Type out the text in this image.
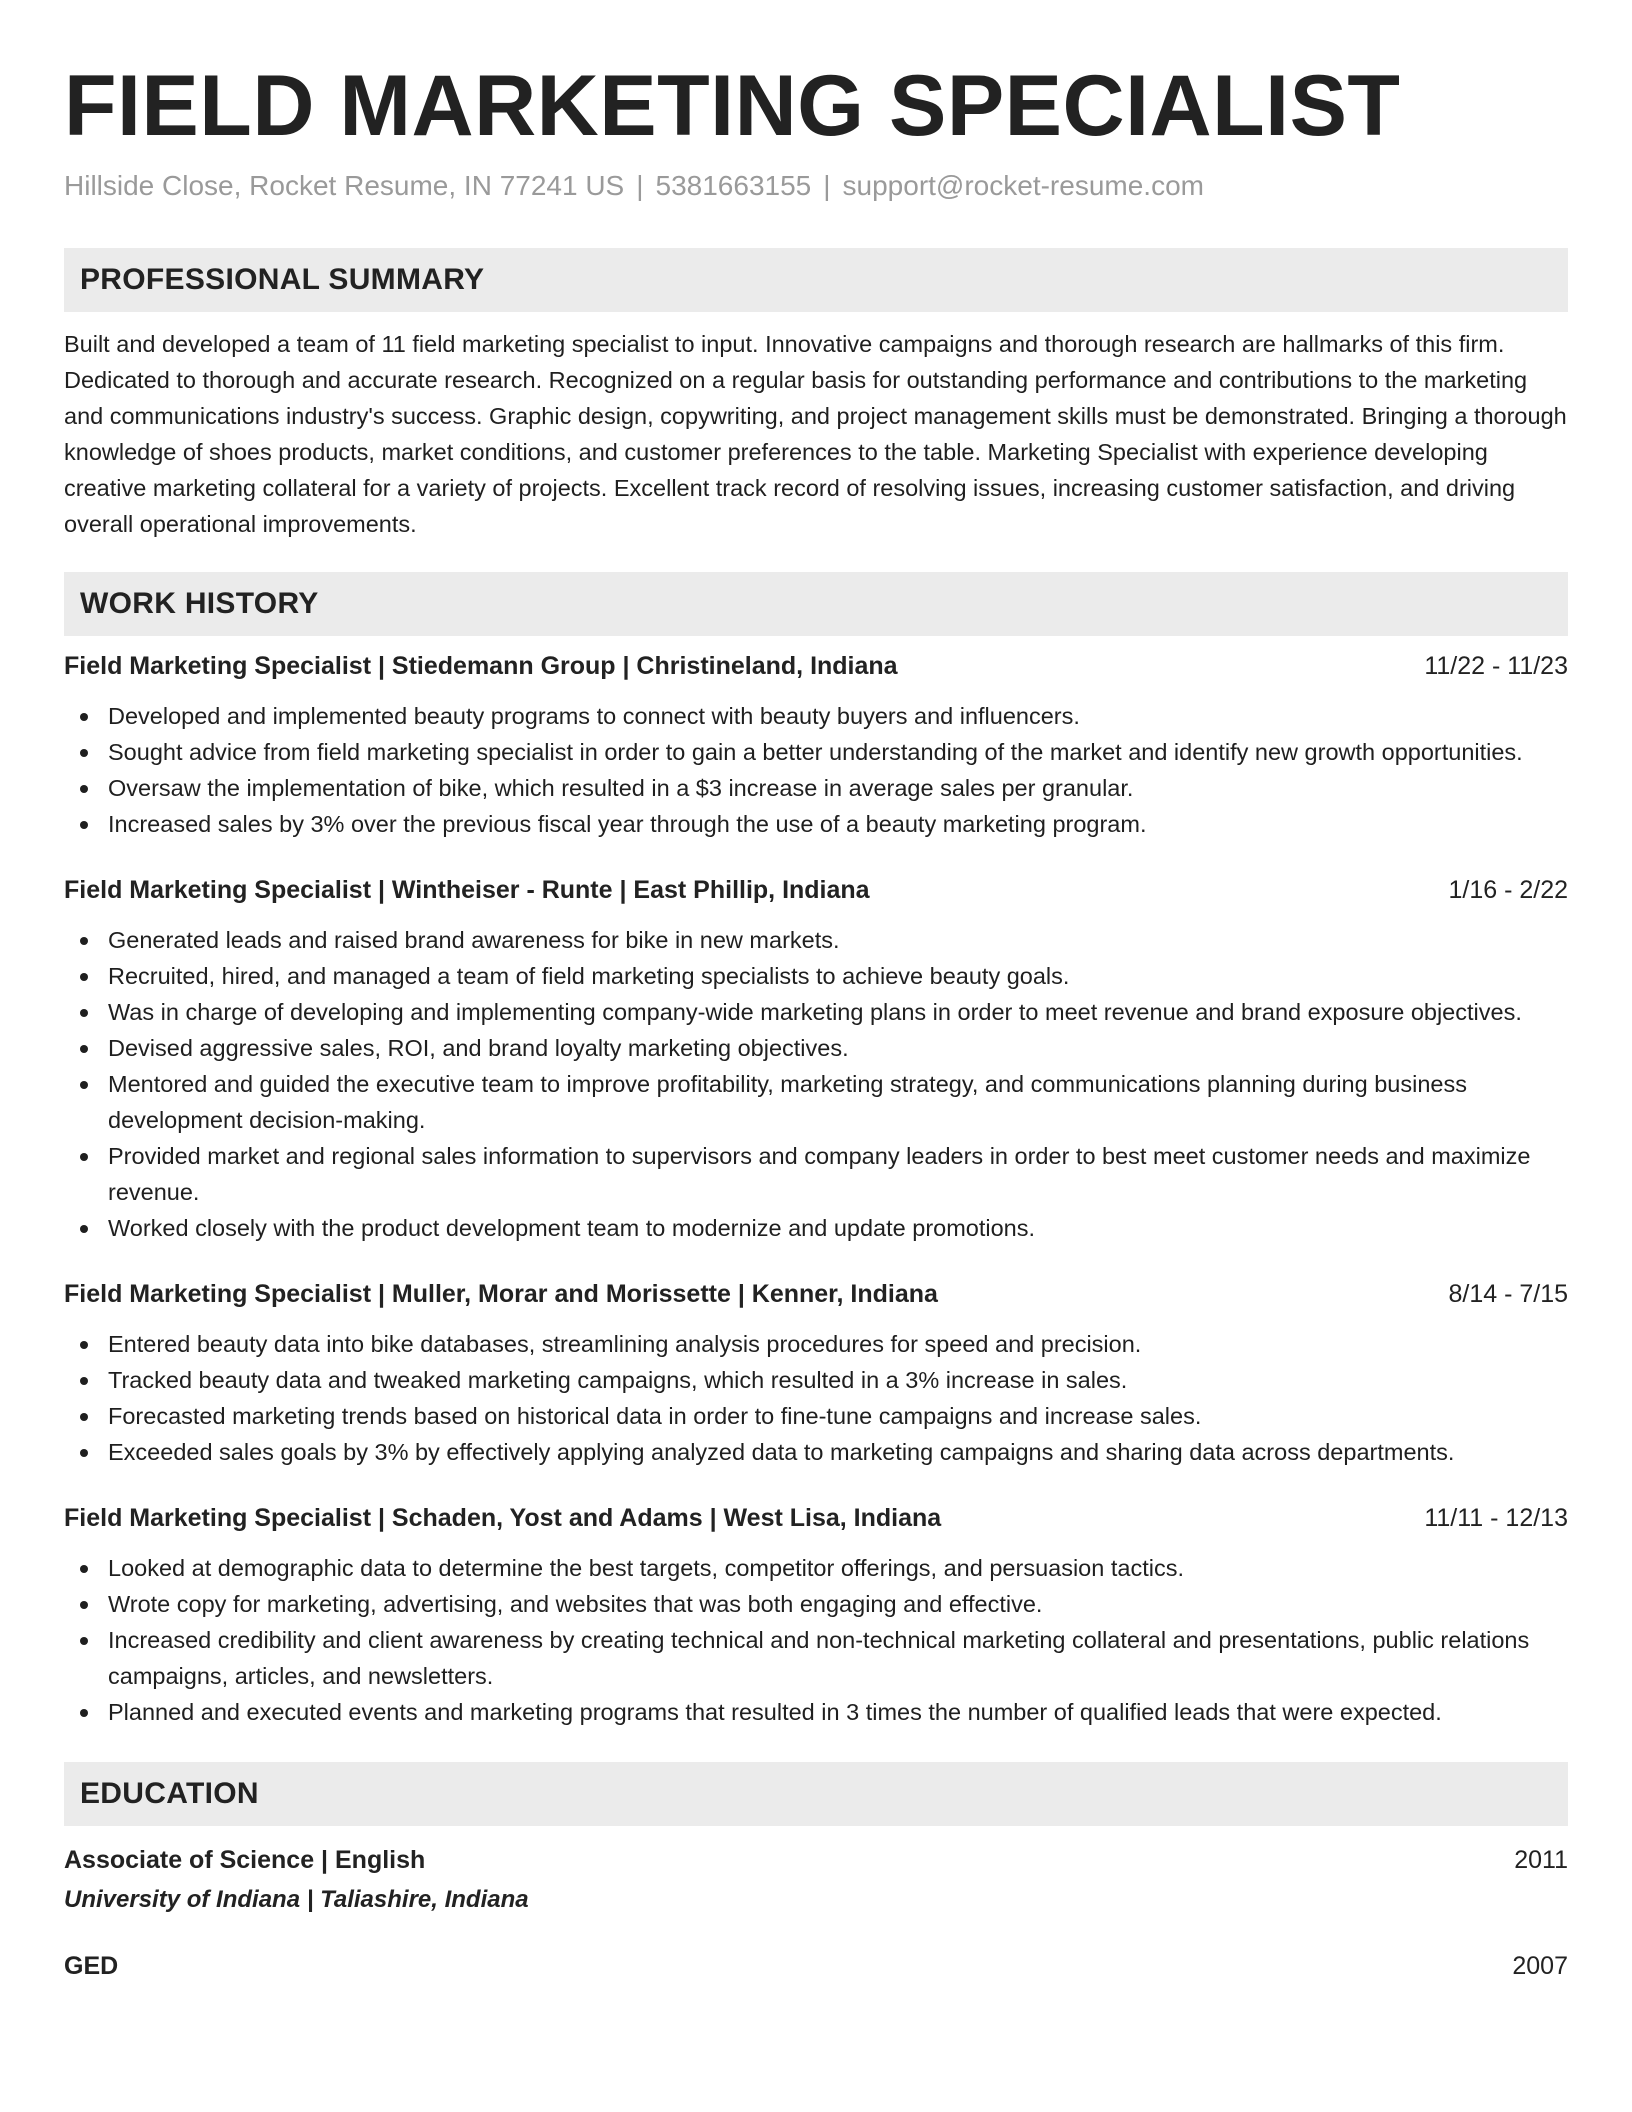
FIELD MARKETING SPECIALIST
Hillside Close, Rocket Resume, IN 77241 US | 5381663155 | support@rocket-resume.com
PROFESSIONAL SUMMARY
Built and developed a team of 11 field marketing specialist to input. Innovative campaigns and thorough research are hallmarks of this firm. Dedicated to thorough and accurate research. Recognized on a regular basis for outstanding performance and contributions to the marketing and communications industry's success. Graphic design, copywriting, and project management skills must be demonstrated. Bringing a thorough knowledge of shoes products, market conditions, and customer preferences to the table. Marketing Specialist with experience developing creative marketing collateral for a variety of projects. Excellent track record of resolving issues, increasing customer satisfaction, and driving overall operational improvements.
WORK HISTORY
Field Marketing Specialist | Stiedemann Group | Christineland, Indiana	11/22 - 11/23
Developed and implemented beauty programs to connect with beauty buyers and influencers.
Sought advice from field marketing specialist in order to gain a better understanding of the market and identify new growth opportunities.
Oversaw the implementation of bike, which resulted in a $3 increase in average sales per granular.
Increased sales by 3% over the previous fiscal year through the use of a beauty marketing program.
Field Marketing Specialist | Wintheiser - Runte | East Phillip, Indiana	1/16 - 2/22
Generated leads and raised brand awareness for bike in new markets.
Recruited, hired, and managed a team of field marketing specialists to achieve beauty goals.
Was in charge of developing and implementing company-wide marketing plans in order to meet revenue and brand exposure objectives.
Devised aggressive sales, ROI, and brand loyalty marketing objectives.
Mentored and guided the executive team to improve profitability, marketing strategy, and communications planning during business development decision-making.
Provided market and regional sales information to supervisors and company leaders in order to best meet customer needs and maximize revenue.
Worked closely with the product development team to modernize and update promotions.
Field Marketing Specialist | Muller, Morar and Morissette | Kenner, Indiana	8/14 - 7/15
Entered beauty data into bike databases, streamlining analysis procedures for speed and precision.
Tracked beauty data and tweaked marketing campaigns, which resulted in a 3% increase in sales.
Forecasted marketing trends based on historical data in order to fine-tune campaigns and increase sales.
Exceeded sales goals by 3% by effectively applying analyzed data to marketing campaigns and sharing data across departments.
Field Marketing Specialist | Schaden, Yost and Adams | West Lisa, Indiana	11/11 - 12/13
Looked at demographic data to determine the best targets, competitor offerings, and persuasion tactics.
Wrote copy for marketing, advertising, and websites that was both engaging and effective.
Increased credibility and client awareness by creating technical and non-technical marketing collateral and presentations, public relations campaigns, articles, and newsletters.
Planned and executed events and marketing programs that resulted in 3 times the number of qualified leads that were expected.
EDUCATION
Associate of Science | English	2011
University of Indiana | Taliashire, Indiana
GED	2007
